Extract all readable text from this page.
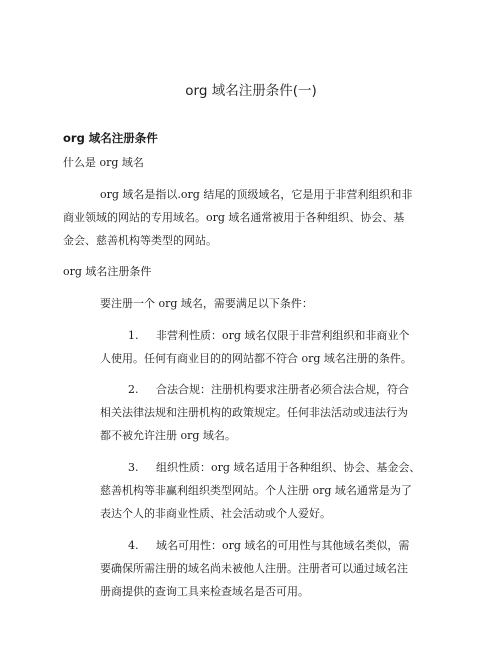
org 域名注册条件(一)
org 域名注册条件
什么是 org 域名
org 域名是指以.org 结尾的顶级域名，它是用于非营利组织和非
商业领域的网站的专用域名。org 域名通常被用于各种组织、协会、基
金会、慈善机构等类型的网站。
org 域名注册条件
要注册一个 org 域名，需要满足以下条件：
1. 非营利性质：org 域名仅限于非营利组织和非商业个
人使用。任何有商业目的的网站都不符合 org 域名注册的条件。
2. 合法合规：注册机构要求注册者必须合法合规，符合
相关法律法规和注册机构的政策规定。任何非法活动或违法行为
都不被允许注册 org 域名。
3. 组织性质：org 域名适用于各种组织、协会、基金会、
慈善机构等非赢利组织类型网站。个人注册 org 域名通常是为了
表达个人的非商业性质、社会活动或个人爱好。
4. 域名可用性：org 域名的可用性与其他域名类似，需
要确保所需注册的域名尚未被他人注册。注册者可以通过域名注
册商提供的查询工具来检查域名是否可用。
